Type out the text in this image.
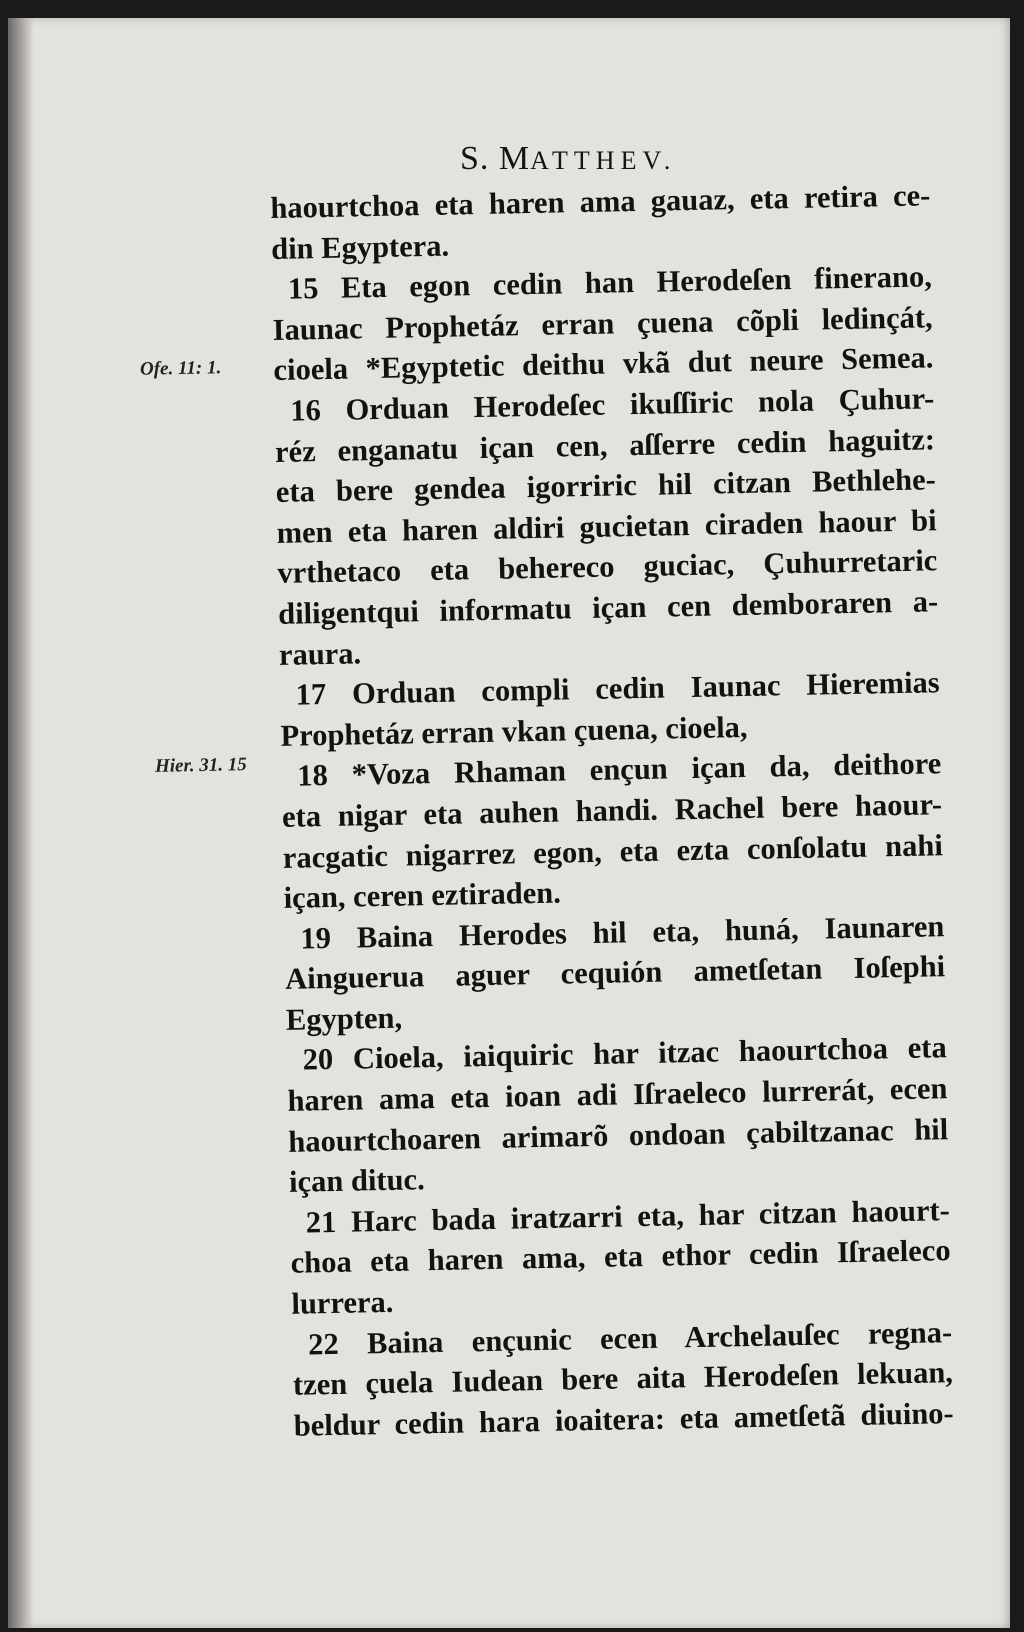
S. MATTHEV.
Ofe. 11: 1.
Hier. 31. 15
haourtchoa eta haren ama gauaz, eta retira ce-
din Egyptera.
15 Eta egon cedin han Herodeſen finerano,
Iaunac Prophetáz erran çuena cõpli ledinçát,
cioela *Egyptetic deithu vkã dut neure Semea.
16 Orduan Herodeſec ikuſſiric nola Çuhur-
réz enganatu içan cen, aſſerre cedin haguitz:
eta bere gendea igorriric hil citzan Bethlehe-
men eta haren aldiri gucietan ciraden haour bi
vrthetaco eta behereco guciac, Çuhurretaric
diligentqui informatu içan cen demboraren a-
raura.
17 Orduan compli cedin Iaunac Hieremias
Prophetáz erran vkan çuena, cioela,
18 *Voza Rhaman ençun içan da, deithore
eta nigar eta auhen handi. Rachel bere haour-
racgatic nigarrez egon, eta ezta conſolatu nahi
içan, ceren eztiraden.
19 Baina Herodes hil eta, huná, Iaunaren
Ainguerua aguer cequión ametſetan Ioſephi
Egypten,
20 Cioela, iaiquiric har itzac haourtchoa eta
haren ama eta ioan adi Iſraeleco lurrerát, ecen
haourtchoaren arimarõ ondoan çabiltzanac hil
içan dituc.
21 Harc bada iratzarri eta, har citzan haourt-
choa eta haren ama, eta ethor cedin Iſraeleco
lurrera.
22 Baina ençunic ecen Archelauſec regna-
tzen çuela Iudean bere aita Herodeſen lekuan,
beldur cedin hara ioaitera: eta ametſetã diuino-
